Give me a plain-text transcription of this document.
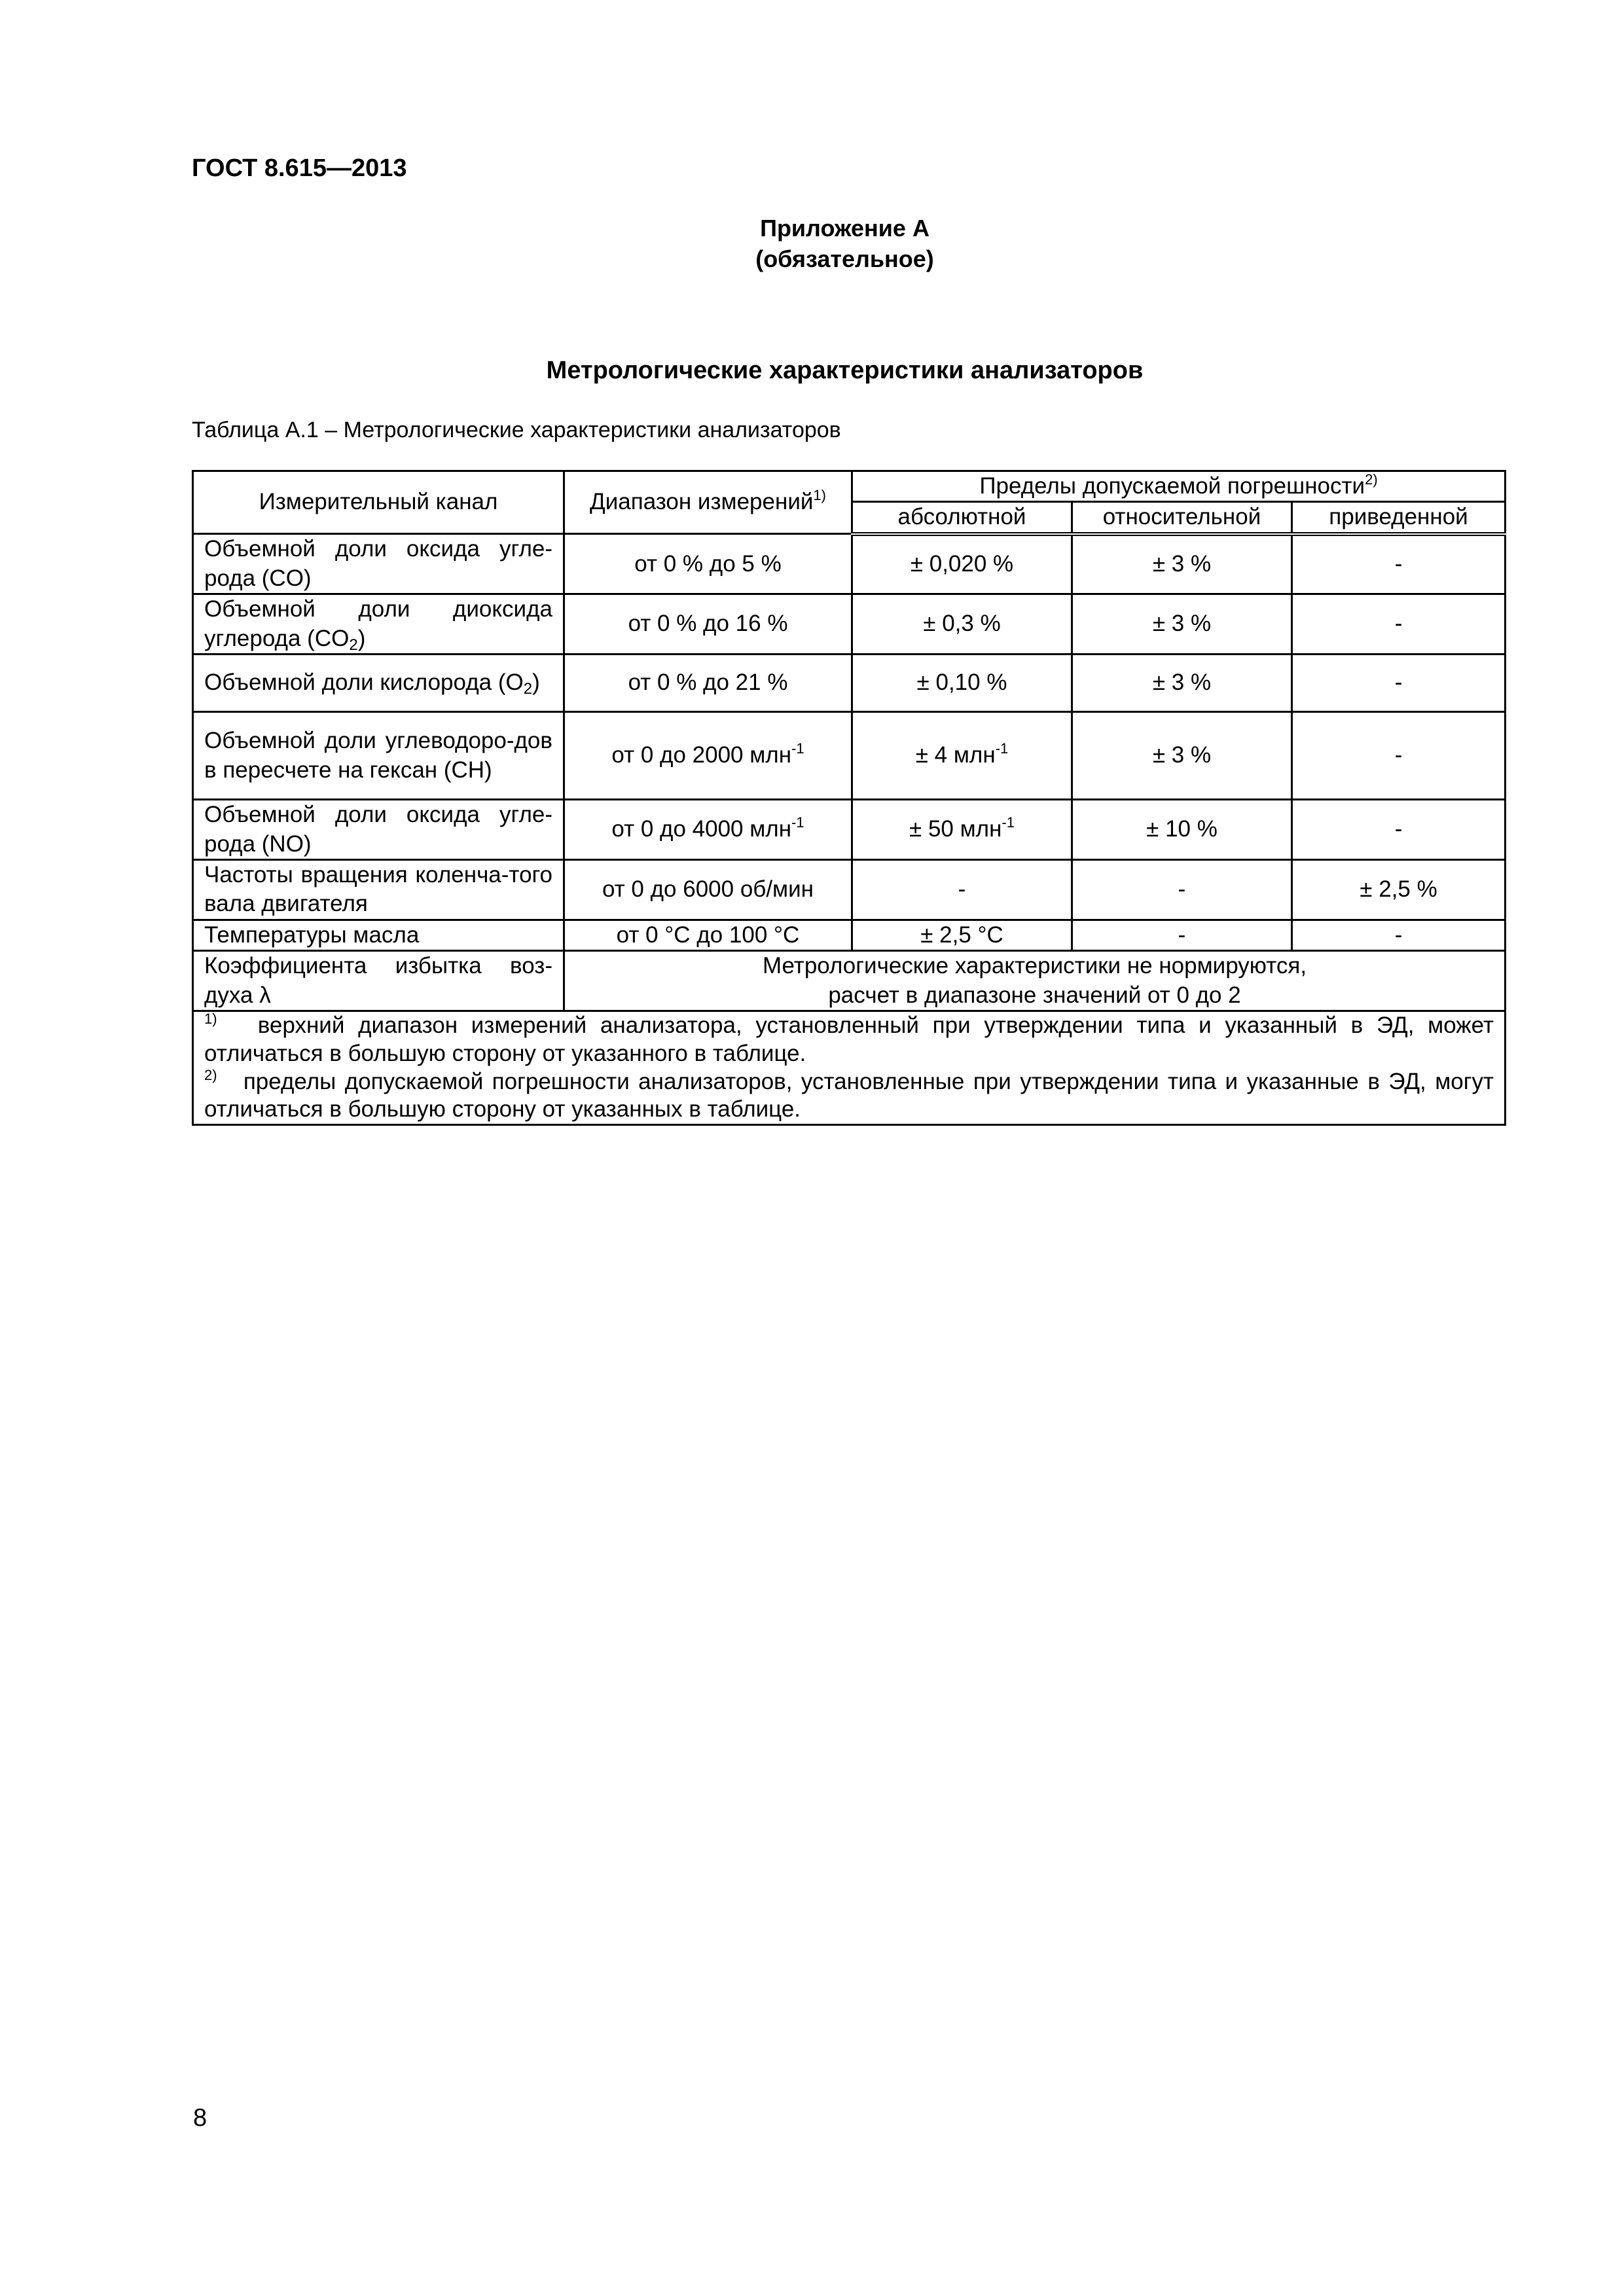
ГОСТ 8.615—2013
Приложение А
(обязательное)
Метрологические характеристики анализаторов
Таблица А.1 – Метрологические характеристики анализаторов
Измерительный канал	Диапазон измерений$^{1)}$	Пределы допускаемой погрешности$^{2)}$
		абсолютной	относительной	приведенной
Объемной доли оксида угле-рода (CO)	от 0 % до 5 %	± 0,020 %	± 3 %	-
Объемной доли диоксида углерода $(CO_2)$	от 0 % до 16 %	± 0,3 %	± 3 %	-
Объемной доли кислорода $(O_2)$	от 0 % до 21 %	± 0,10 %	± 3 %	-
Объемной доли углеводоро-дов в пересчете на гексан (CH)	от 0 до 2000 млн$^{-1}$	± 4 млн$^{-1}$	± 3 %	-
Объемной доли оксида угле-рода (NO)	от 0 до 4000 млн$^{-1}$	± 50 млн$^{-1}$	± 10 %	-
Частоты вращения коленча-того вала двигателя	от 0 до 6000 об/мин	-	-	± 2,5 %
Температуры масла	от 0 °С до 100 °С	± 2,5 °С	-	-
Коэффициента избытка воз-духа λ	Метрологические характеристики не нормируются,
расчет в диапазоне значений от 0 до 2			

$^{1)}$ верхний диапазон измерений анализатора, установленный при утверждении типа и указанный в ЭД, может отличаться в большую сторону от указанного в таблице.
$^{2)}$ пределы допускаемой погрешности анализаторов, установленные при утверждении типа и указанные в ЭД, могут отличаться в большую сторону от указанных в таблице.				
8
